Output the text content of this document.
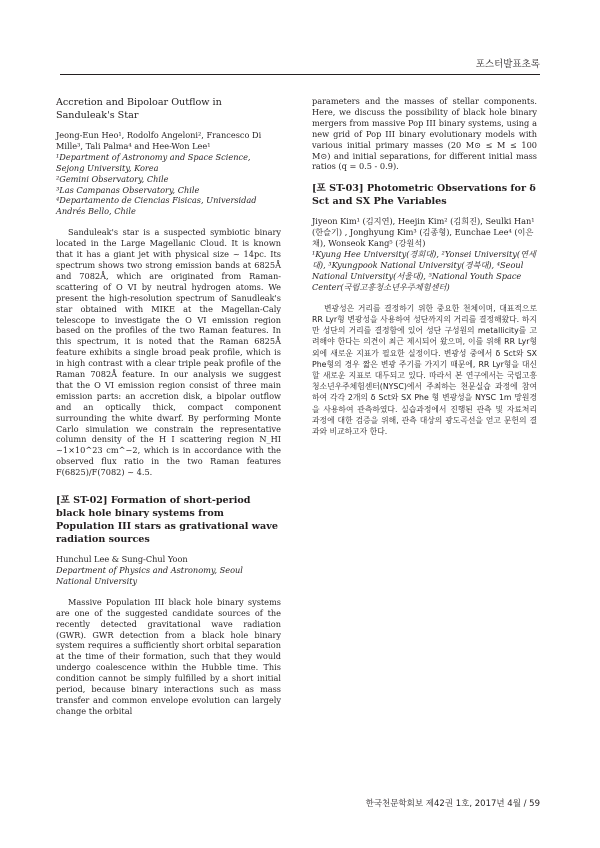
포스터발표초록

Accretion and Bipoloar Outflow in Sanduleak's Star

Jeong-Eun Heo¹, Rodolfo Angeloni², Francesco Di Mille³, Tali Palma⁴ and Hee-Won Lee¹

¹Department of Astronomy and Space Science, Sejong University, Korea

²Gemini Observatory, Chile

³Las Campanas Observatory, Chile

⁴Departamento de Ciencias Fisicas, Universidad Andrés Bello, Chile

Sanduleak's star is a suspected symbiotic binary located in the Large Magellanic Cloud. It is known that it has a giant jet with physical size ~ 14pc. Its spectrum shows two strong emission bands at 6825Å and 7082Å, which are originated from Raman-scattering of O VI by neutral hydrogen atoms. We present the high-resolution spectrum of Sanudleak's star obtained with MIKE at the Magellan-Caly telescope to investigate the O VI emission region based on the profiles of the two Raman features. In this spectrum, it is noted that the Raman 6825Å feature exhibits a single broad peak profile, which is in high contrast with a clear triple peak profile of the Raman 7082Å feature. In our analysis we suggest that the O VI emission region consist of three main emission parts: an accretion disk, a bipolar outflow and an optically thick, compact component surrounding the white dwarf. By performing Monte Carlo simulation we constrain the representative column density of the H I scattering region N_HI ~1×10^23 cm^−2, which is in accordance with the observed flux ratio in the two Raman features F(6825)/F(7082) ~ 4.5.

[포 ST-02] Formation of short-period black hole binary systems from Population III stars as grativational wave radiation sources

Hunchul Lee & Sung-Chul Yoon

Department of Physics and Astronomy, Seoul National University

Massive Population III black hole binary systems are one of the suggested candidate sources of the recently detected gravitational wave radiation (GWR). GWR detection from a black hole binary system requires a sufficiently short orbital separation at the time of their formation, such that they would undergo coalescence within the Hubble time. This condition cannot be simply fulfilled by a short initial period, because binary interactions such as mass transfer and common envelope evolution can largely change the orbital

parameters and the masses of stellar components. Here, we discuss the possibility of black hole binary mergers from massive Pop III binary systems, using a new grid of Pop III binary evolutionary models with various initial primary masses (20 M⊙ ≤ M ≤ 100 M⊙) and initial separations, for different initial mass ratios (q = 0.5 - 0.9).

[포 ST-03] Photometric Observations for δ Sct and SX Phe Variables

Jiyeon Kim¹ (김지연), Heejin Kim² (김희진), Seulki Han¹ (한슬기) , Jonghyung Kim³ (김종형), Eunchae Lee⁴ (이은채), Wonseok Kang⁵ (강원석)

¹Kyung Hee University(경희대), ²Yonsei University(연세대), ³Kyungpook National University(경북대), ⁴Seoul National University(서울대), ⁵National Youth Space Center(국립고흥청소년우주체험센터)

변광성은 거리를 결정하기 위한 중요한 천체이며, 대표적으로 RR Lyr형 변광성을 사용하여 성단까지의 거리를 결정해왔다. 하지만 성단의 거리를 결정함에 있어 성단 구성원의 metallicity를 고려해야 한다는 의견이 최근 제시되어 왔으며, 이를 위해 RR Lyr형 외에 새로운 지표가 필요한 실정이다. 변광성 중에서 δ Sct와 SX Phe형의 경우 짧은 변광 주기를 가지기 때문에, RR Lyr형을 대신할 새로운 지표로 대두되고 있다. 따라서 본 연구에서는 국립고흥청소년우주체험센터(NYSC)에서 주최하는 천문실습 과정에 참여하여 각각 2개의 δ Sct와 SX Phe 형 변광성을 NYSC 1m 망원경을 사용하여 관측하였다. 실습과정에서 진행된 관측 및 자료처리 과정에 대한 검증을 위해, 관측 대상의 광도곡선을 얻고 문헌의 결과와 비교하고자 한다.

한국천문학회보 제42권 1호, 2017년 4월 / 59
